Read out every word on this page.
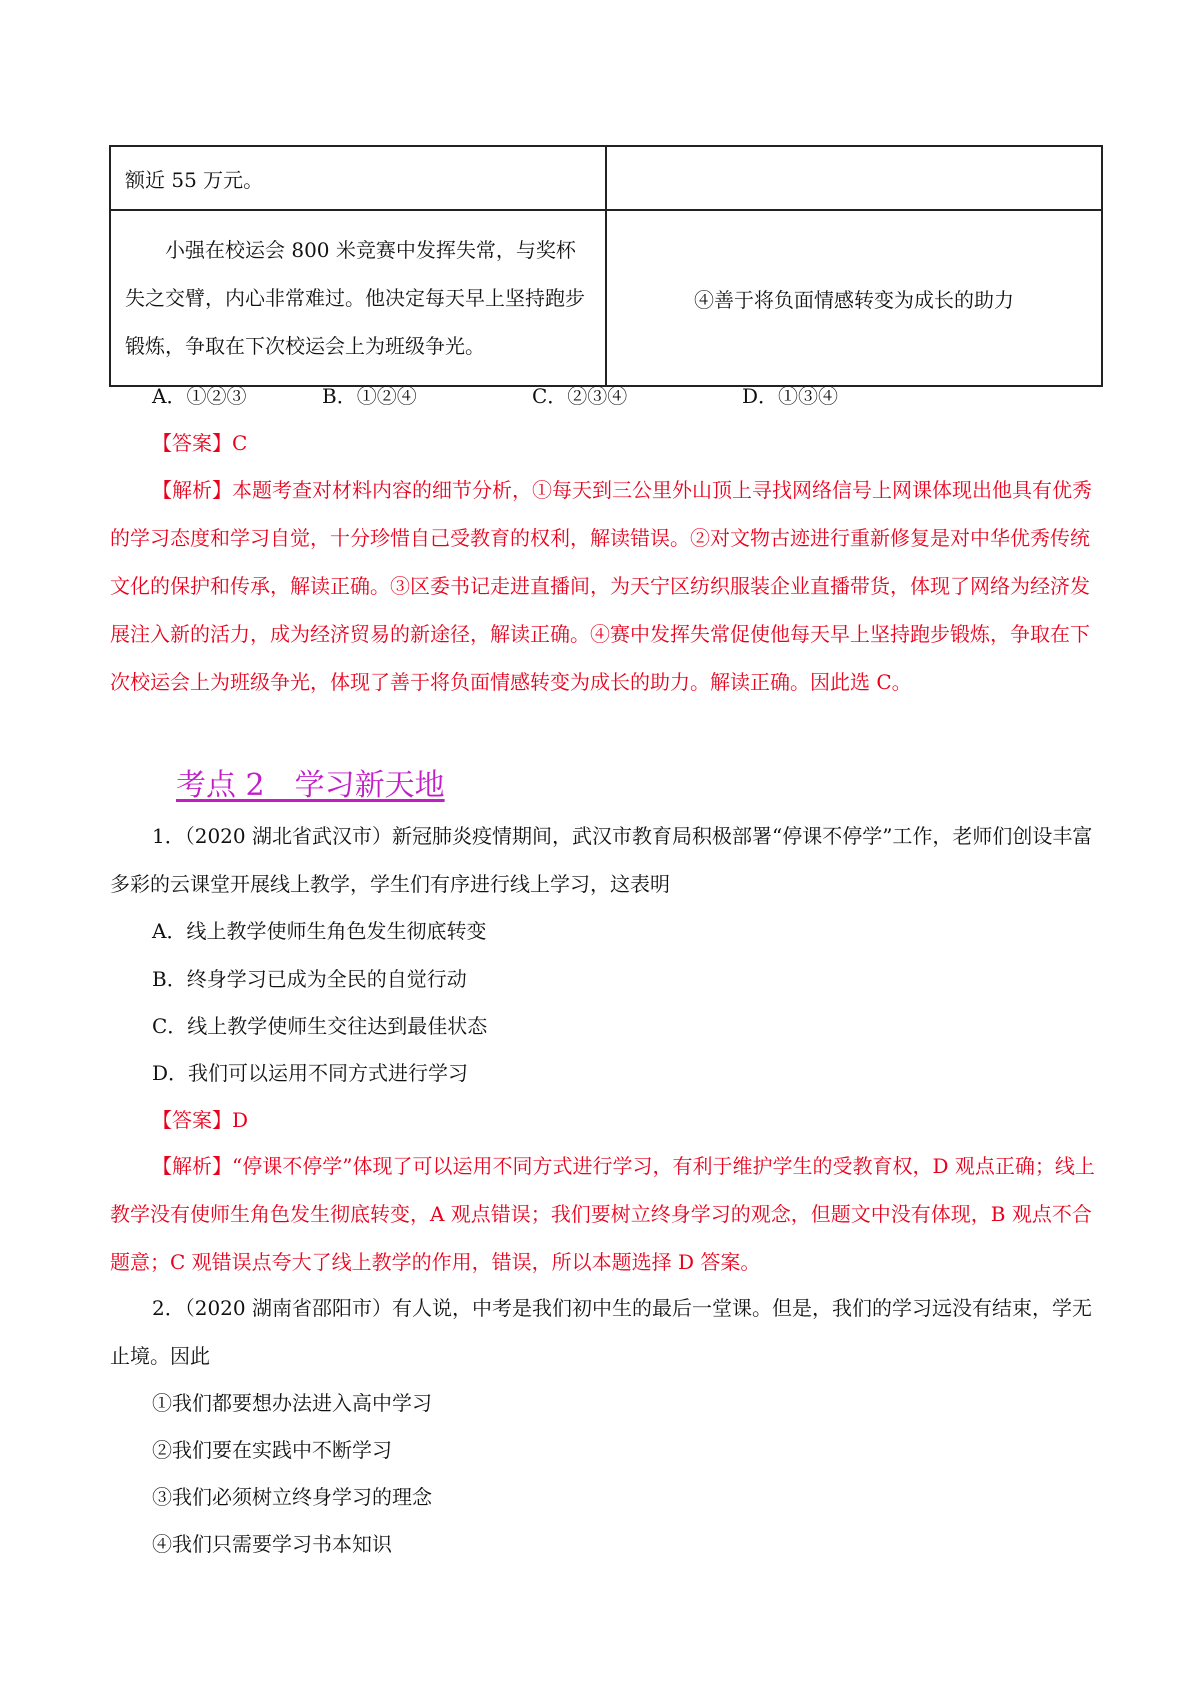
额近 55 万元。	
小强在校运会 800 米竞赛中发挥失常，与奖杯失之交臂，内心非常难过。他决定每天早上坚持跑步锻炼，争取在下次校运会上为班级争光。	④善于将负面情感转变为成长的助力
A．①②③	B．①②④	C．②③④	D．①③④
【答案】C
【解析】本题考查对材料内容的细节分析，①每天到三公里外山顶上寻找网络信号上网课体现出他具有优秀的学习态度和学习自觉，十分珍惜自己受教育的权利，解读错误。②对文物古迹进行重新修复是对中华优秀传统文化的保护和传承，解读正确。③区委书记走进直播间，为天宁区纺织服装企业直播带货，体现了网络为经济发展注入新的活力，成为经济贸易的新途径，解读正确。④赛中发挥失常促使他每天早上坚持跑步锻炼，争取在下次校运会上为班级争光，体现了善于将负面情感转变为成长的助力。解读正确。因此选 C。
考点 2　学习新天地
1．（2020 湖北省武汉市）新冠肺炎疫情期间，武汉市教育局积极部署“停课不停学”工作，老师们创设丰富多彩的云课堂开展线上教学，学生们有序进行线上学习，这表明
A．线上教学使师生角色发生彻底转变
B．终身学习已成为全民的自觉行动
C．线上教学使师生交往达到最佳状态
D．我们可以运用不同方式进行学习
【答案】D
【解析】“停课不停学”体现了可以运用不同方式进行学习，有利于维护学生的受教育权，D 观点正确；线上教学没有使师生角色发生彻底转变，A 观点错误；我们要树立终身学习的观念，但题文中没有体现，B 观点不合题意；C 观错误点夸大了线上教学的作用，错误，所以本题选择 D 答案。
2．（2020 湖南省邵阳市）有人说，中考是我们初中生的最后一堂课。但是，我们的学习远没有结束，学无止境。因此
①我们都要想办法进入高中学习
②我们要在实践中不断学习
③我们必须树立终身学习的理念
④我们只需要学习书本知识
